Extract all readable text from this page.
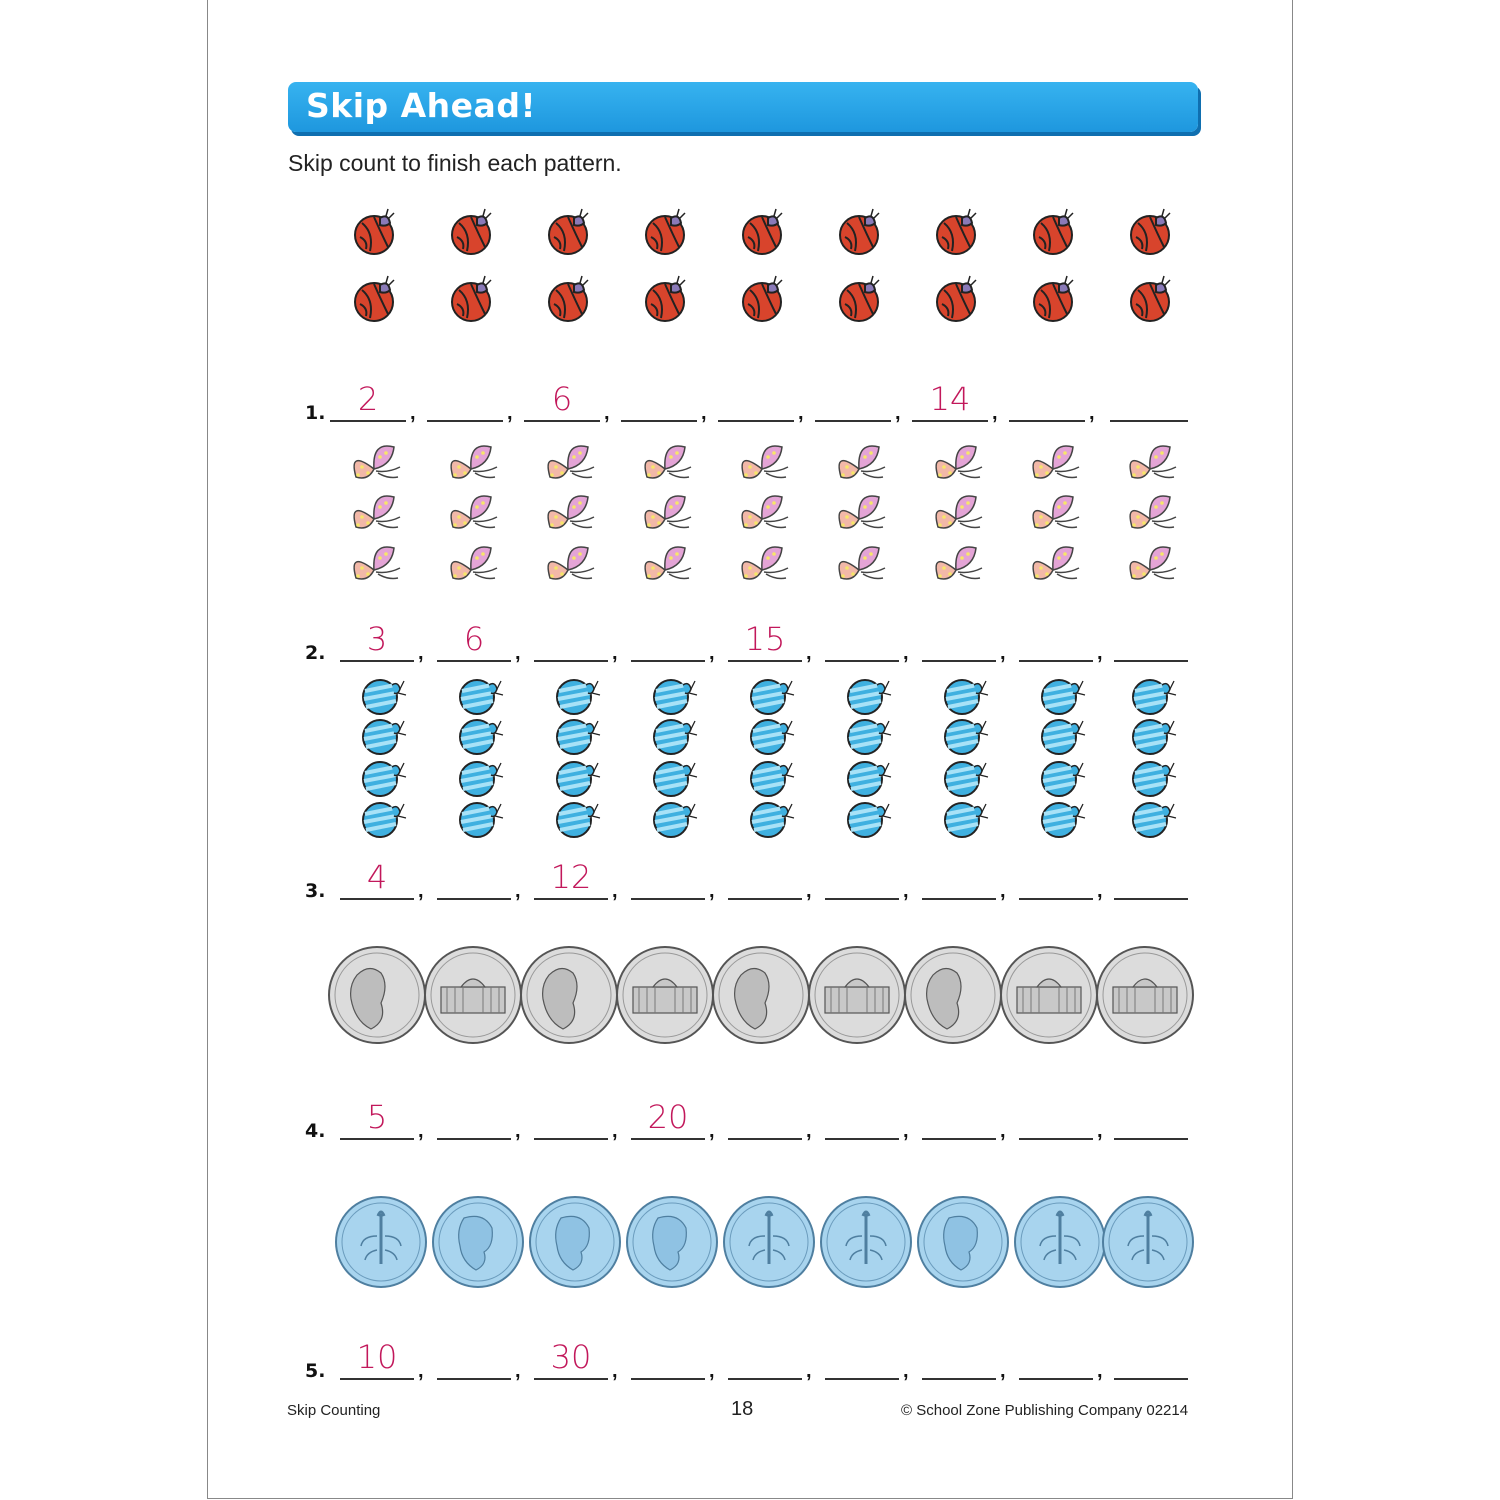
Skip Ahead!
Skip count to finish each pattern.
1.	2	,	,	6	,	,	,	, 14	,	,
2.	3	,	6	,	,	, 15	,	,	,	,
3.	4	,	, 12	,	,	,	,	,	,
4.	5	,	,	, 20	,	,	,	,	,
5. 10	,	, 30	,	,	,	,	,	,
Skip Counting	18	© School Zone Publishing Company 02214
